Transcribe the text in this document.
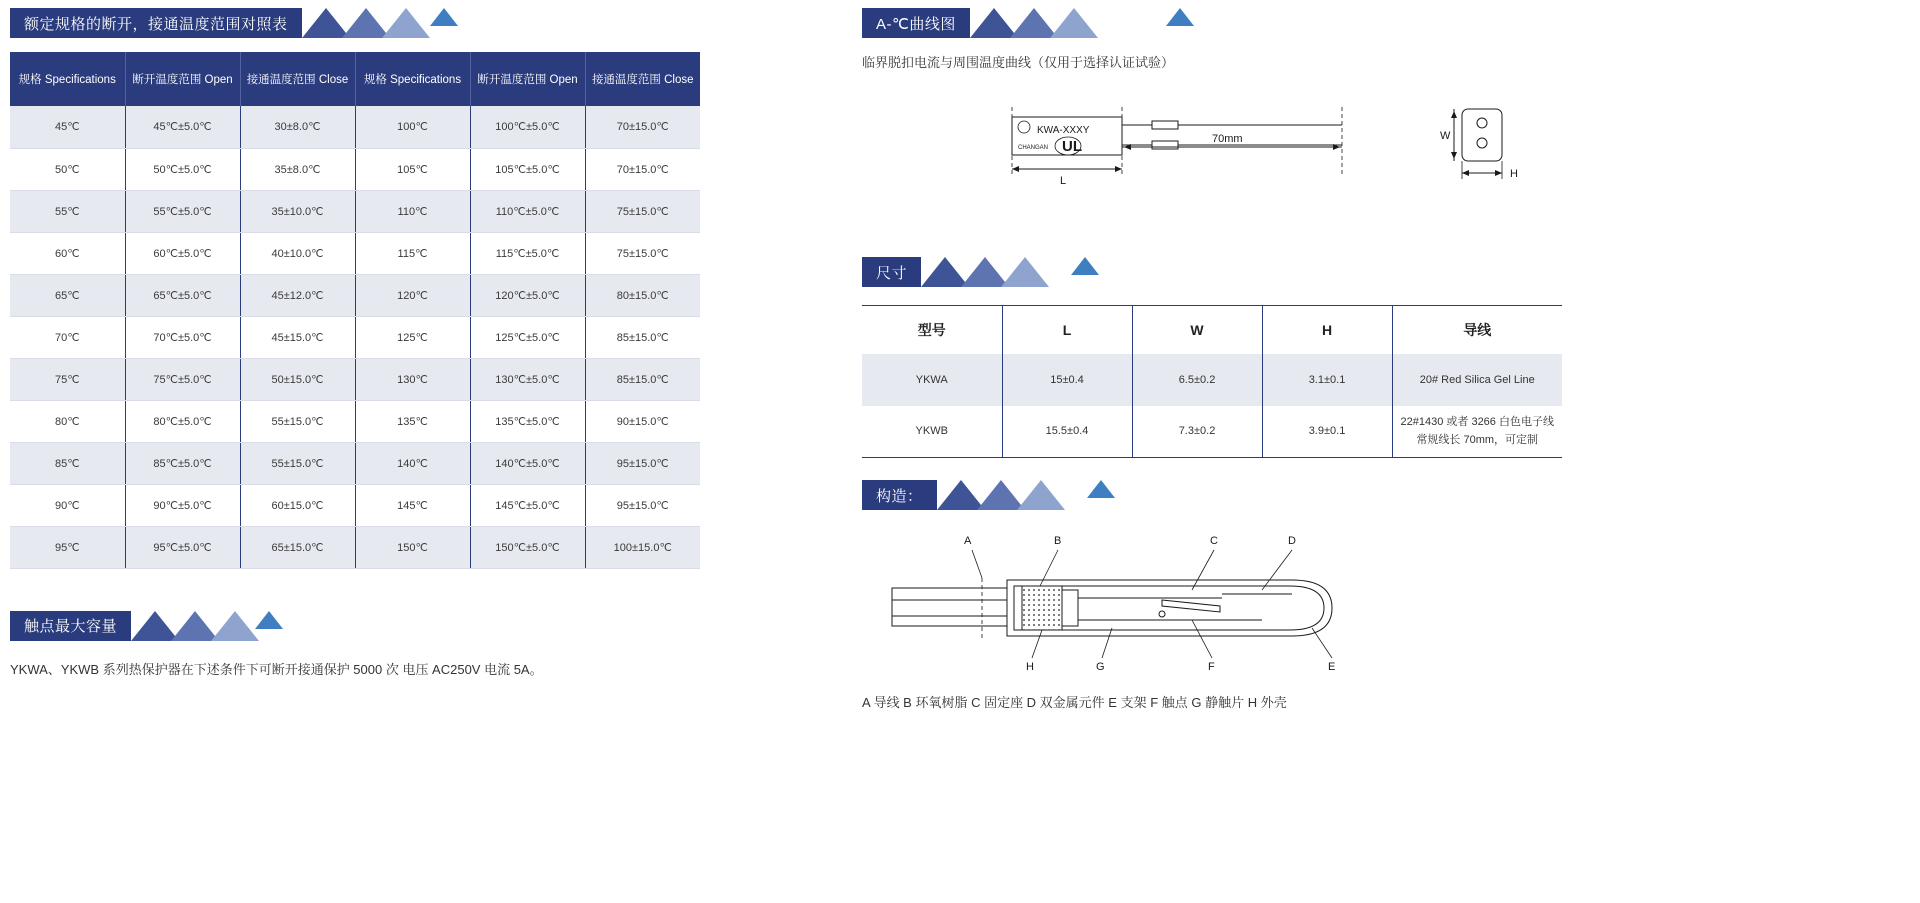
额定规格的断开，接通温度范围对照表
规格 Specifications	断开温度范围 Open	接通温度范围 Close	规格 Specifications	断开温度范围 Open	接通温度范围 Close
45℃	45℃±5.0℃	30±8.0℃	100℃	100℃±5.0℃	70±15.0℃
50℃	50℃±5.0℃	35±8.0℃	105℃	105℃±5.0℃	70±15.0℃
55℃	55℃±5.0℃	35±10.0℃	110℃	110℃±5.0℃	75±15.0℃
60℃	60℃±5.0℃	40±10.0℃	115℃	115℃±5.0℃	75±15.0℃
65℃	65℃±5.0℃	45±12.0℃	120℃	120℃±5.0℃	80±15.0℃
70℃	70℃±5.0℃	45±15.0℃	125℃	125℃±5.0℃	85±15.0℃
75℃	75℃±5.0℃	50±15.0℃	130℃	130℃±5.0℃	85±15.0℃
80℃	80℃±5.0℃	55±15.0℃	135℃	135℃±5.0℃	90±15.0℃
85℃	85℃±5.0℃	55±15.0℃	140℃	140℃±5.0℃	95±15.0℃
90℃	90℃±5.0℃	60±15.0℃	145℃	145℃±5.0℃	95±15.0℃
95℃	95℃±5.0℃	65±15.0℃	150℃	150℃±5.0℃	100±15.0℃
触点最大容量
YKWA、YKWB 系列热保护器在下述条件下可断开接通保护 5000 次 电压 AC250V 电流 5A。
A-℃曲线图
临界脱扣电流与周围温度曲线（仅用于选择认证试验）
KWA-XXXY
CHANGAN UL
L
70mm	W
H
尺寸
型号	L	W	H	导线
YKWA	15±0.4	6.5±0.2	3.1±0.1	20# Red Silica Gel Line
YKWB	15.5±0.4	7.3±0.2	3.9±0.1	22#1430 或者 3266 白色电子线
常规线长 70mm，可定制
构造：
A	B	C	D
H	G	F	E
A 导线 B 环氧树脂 C 固定座 D 双金属元件 E 支架 F 触点 G 静触片 H 外壳
